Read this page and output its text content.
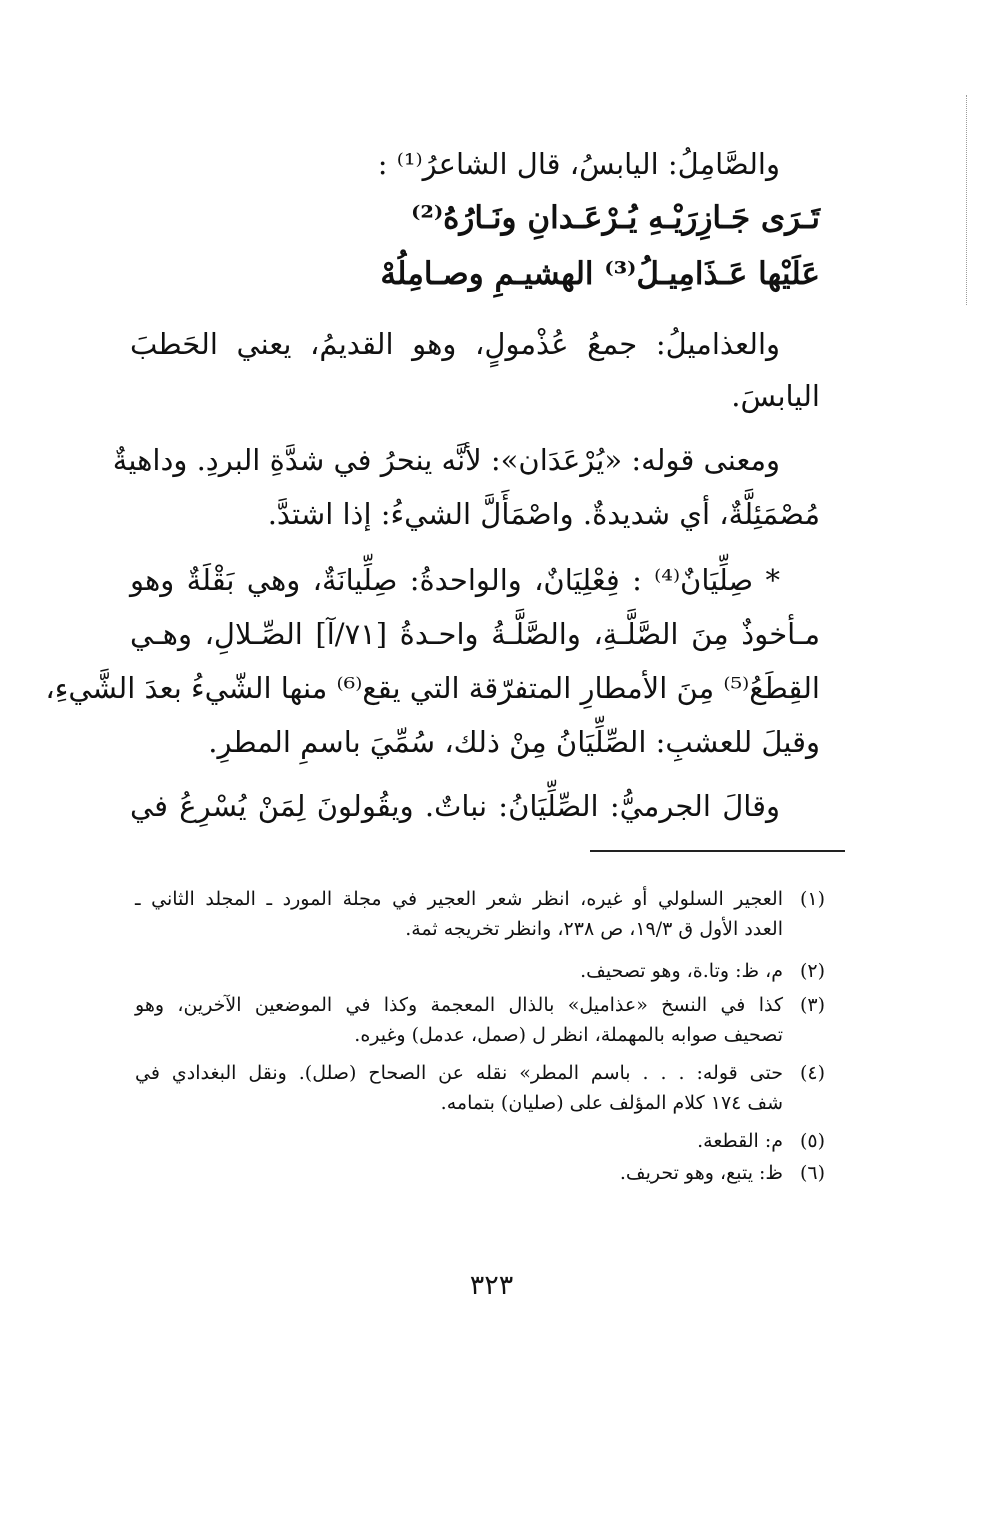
والصَّامِلُ: اليابسُ، قال الشاعرُ⁽¹⁾ :
تَـرَى جَـازِرَيْـهِ يُـرْعَـدانِ ونَـارُهُ⁽²⁾
عَلَيْها عَـذَامِيـلُ⁽³⁾ الهشيـمِ وصـامِلُهْ
والعذاميلُ: جمعُ عُذْمولٍ، وهو القديمُ، يعني الحَطبَ
اليابسَ.
ومعنى قوله: «يُرْعَدَان»: لأنَّه ينحرُ في شدَّةِ البردِ. وداهيةٌ
مُصْمَئِلَّةٌ، أي شديدةٌ. واصْمَأَلَّ الشيءُ: إذا اشتدَّ.
* صِلِّيَانٌ⁽⁴⁾ : فِعْلِيَانٌ، والواحدةُ: صِلِّيانَةٌ، وهي بَقْلَةٌ وهو
مـأخوذٌ مِنَ الصَّلَّـةِ، والصَّلَّـةُ واحـدةُ [٧١/آ] الصِّـلالِ، وهـي
القِطَعُ⁽⁵⁾ مِنَ الأمطارِ المتفرّقة التي يقع⁽⁶⁾ منها الشّيءُ بعدَ الشَّيءِ،
وقيلَ للعشبِ: الصِّلِّيَانُ مِنْ ذلك، سُمِّيَ باسمِ المطرِ.
وقالَ الجرميُّ: الصِّلِّيَانُ: نباتٌ. ويقُولونَ لِمَنْ يُسْرِعُ في
(١)
العجير السلولي أو غيره، انظر شعر العجير في مجلة المورد ـ المجلد الثاني ـ
العدد الأول ق ١٩/٣، ص ٢٣٨، وانظر تخريجه ثمة.
(٢)
م، ظ: وتا.ة، وهو تصحيف.
(٣)
كذا في النسخ «عذاميل» بالذال المعجمة وكذا في الموضعين الآخرين، وهو
تصحيف صوابه بالمهملة، انظر ل (صمل، عدمل) وغيره.
(٤)
حتى قوله: . . . باسم المطر» نقله عن الصحاح (صلل). ونقل البغدادي في
شف ١٧٤ كلام المؤلف على (صليان) بتمامه.
(٥)
م: القطعة.
(٦)
ظ: يتبع، وهو تحريف.
٣٢٣
